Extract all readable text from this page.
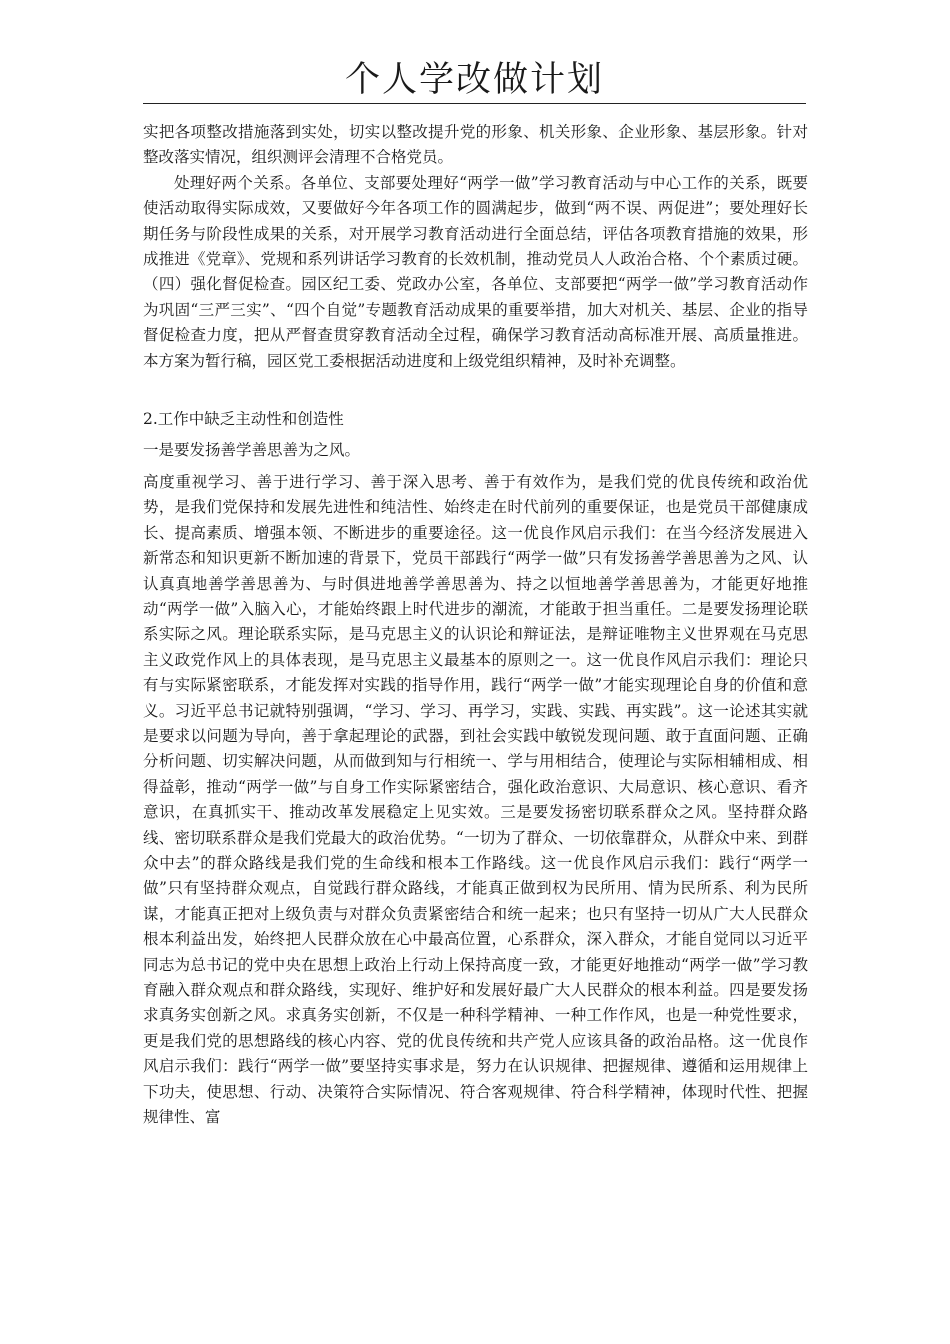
个人学改做计划

实把各项整改措施落到实处，切实以整改提升党的形象、机关形象、企业形象、基层形象。针对整改落实情况，组织测评会清理不合格党员。

处理好两个关系。各单位、支部要处理好“两学一做”学习教育活动与中心工作的关系，既要使活动取得实际成效，又要做好今年各项工作的圆满起步，做到“两不误、两促进”；要处理好长期任务与阶段性成果的关系，对开展学习教育活动进行全面总结，评估各项教育措施的效果，形成推进《党章》、党规和系列讲话学习教育的长效机制，推动党员人人政治合格、个个素质过硬。（四）强化督促检查。园区纪工委、党政办公室，各单位、支部要把“两学一做”学习教育活动作为巩固“三严三实”、“四个自觉”专题教育活动成果的重要举措，加大对机关、基层、企业的指导督促检查力度，把从严督查贯穿教育活动全过程，确保学习教育活动高标准开展、高质量推进。 本方案为暂行稿，园区党工委根据活动进度和上级党组织精神，及时补充调整。

2.工作中缺乏主动性和创造性

一是要发扬善学善思善为之风。

高度重视学习、善于进行学习、善于深入思考、善于有效作为，是我们党的优良传统和政治优势，是我们党保持和发展先进性和纯洁性、始终走在时代前列的重要保证，也是党员干部健康成长、提高素质、增强本领、不断进步的重要途径。这一优良作风启示我们：在当今经济发展进入新常态和知识更新不断加速的背景下，党员干部践行“两学一做”只有发扬善学善思善为之风、认认真真地善学善思善为、与时俱进地善学善思善为、持之以恒地善学善思善为，才能更好地推动“两学一做”入脑入心，才能始终跟上时代进步的潮流，才能敢于担当重任。二是要发扬理论联系实际之风。理论联系实际，是马克思主义的认识论和辩证法，是辩证唯物主义世界观在马克思主义政党作风上的具体表现，是马克思主义最基本的原则之一。这一优良作风启示我们：理论只有与实际紧密联系，才能发挥对实践的指导作用，践行“两学一做”才能实现理论自身的价值和意义。习近平总书记就特别强调，“学习、学习、再学习，实践、实践、再实践”。这一论述其实就是要求以问题为导向，善于拿起理论的武器，到社会实践中敏锐发现问题、敢于直面问题、正确分析问题、切实解决问题，从而做到知与行相统一、学与用相结合，使理论与实际相辅相成、相得益彰，推动“两学一做”与自身工作实际紧密结合，强化政治意识、大局意识、核心意识、看齐意识，在真抓实干、推动改革发展稳定上见实效。三是要发扬密切联系群众之风。坚持群众路线、密切联系群众是我们党最大的政治优势。“一切为了群众、一切依靠群众，从群众中来、到群众中去”的群众路线是我们党的生命线和根本工作路线。这一优良作风启示我们：践行“两学一做”只有坚持群众观点，自觉践行群众路线，才能真正做到权为民所用、情为民所系、利为民所谋，才能真正把对上级负责与对群众负责紧密结合和统一起来；也只有坚持一切从广大人民群众根本利益出发，始终把人民群众放在心中最高位置，心系群众，深入群众，才能自觉同以习近平同志为总书记的党中央在思想上政治上行动上保持高度一致，才能更好地推动“两学一做”学习教育融入群众观点和群众路线，实现好、维护好和发展好最广大人民群众的根本利益。四是要发扬求真务实创新之风。求真务实创新，不仅是一种科学精神、一种工作作风，也是一种党性要求，更是我们党的思想路线的核心内容、党的优良传统和共产党人应该具备的政治品格。这一优良作风启示我们：践行“两学一做”要坚持实事求是，努力在认识规律、把握规律、遵循和运用规律上下功夫，使思想、行动、决策符合实际情况、符合客观规律、符合科学精神，体现时代性、把握规律性、富
